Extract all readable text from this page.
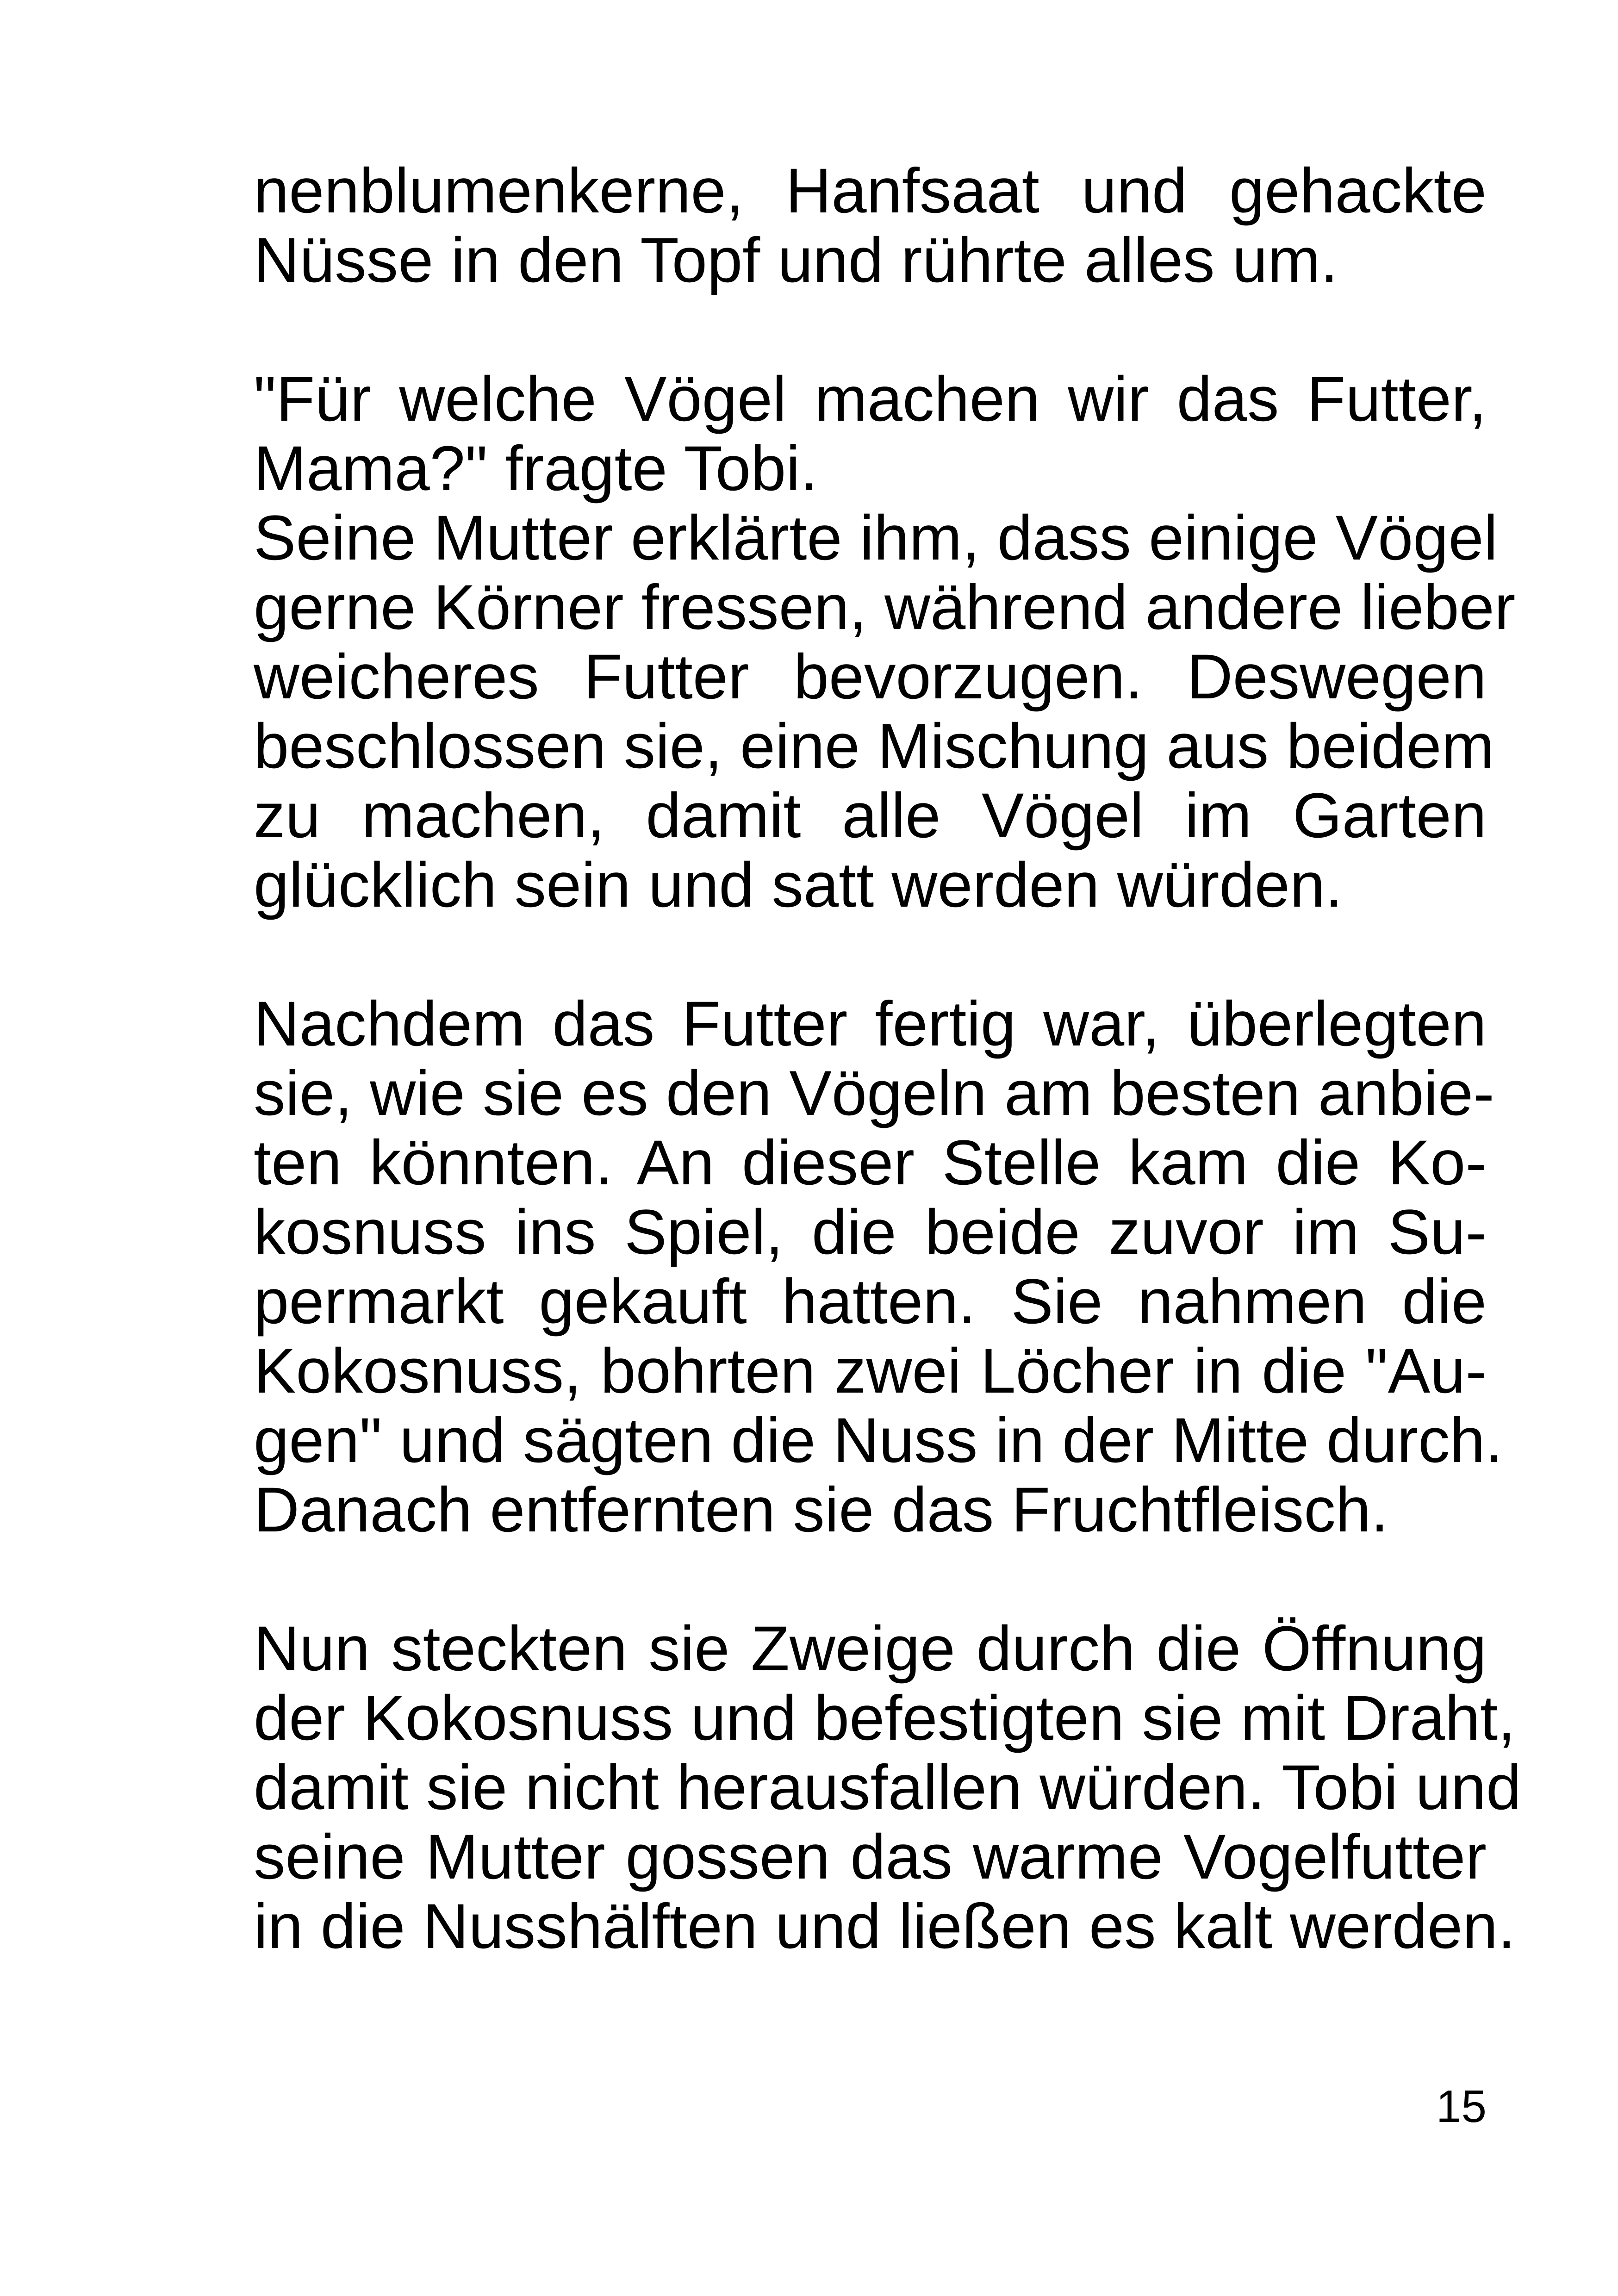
nenblumenkerne, Hanfsaat und gehackte
Nüsse in den Topf und rührte alles um.
"Für welche Vögel machen wir das Futter,
Mama?" fragte Tobi.
Seine Mutter erklärte ihm, dass einige Vögel
gerne Körner fressen, während andere lieber
weicheres Futter bevorzugen. Deswegen
beschlossen sie, eine Mischung aus beidem
zu machen, damit alle Vögel im Garten
glücklich sein und satt werden würden.
Nachdem das Futter fertig war, überlegten
sie, wie sie es den Vögeln am besten anbie-
ten könnten. An dieser Stelle kam die Ko-
kosnuss ins Spiel, die beide zuvor im Su-
permarkt gekauft hatten. Sie nahmen die
Kokosnuss, bohrten zwei Löcher in die "Au-
gen" und sägten die Nuss in der Mitte durch.
Danach entfernten sie das Fruchtfleisch.
Nun steckten sie Zweige durch die Öffnung
der Kokosnuss und befestigten sie mit Draht,
damit sie nicht herausfallen würden. Tobi und
seine Mutter gossen das warme Vogelfutter
in die Nusshälften und ließen es kalt werden.
15
